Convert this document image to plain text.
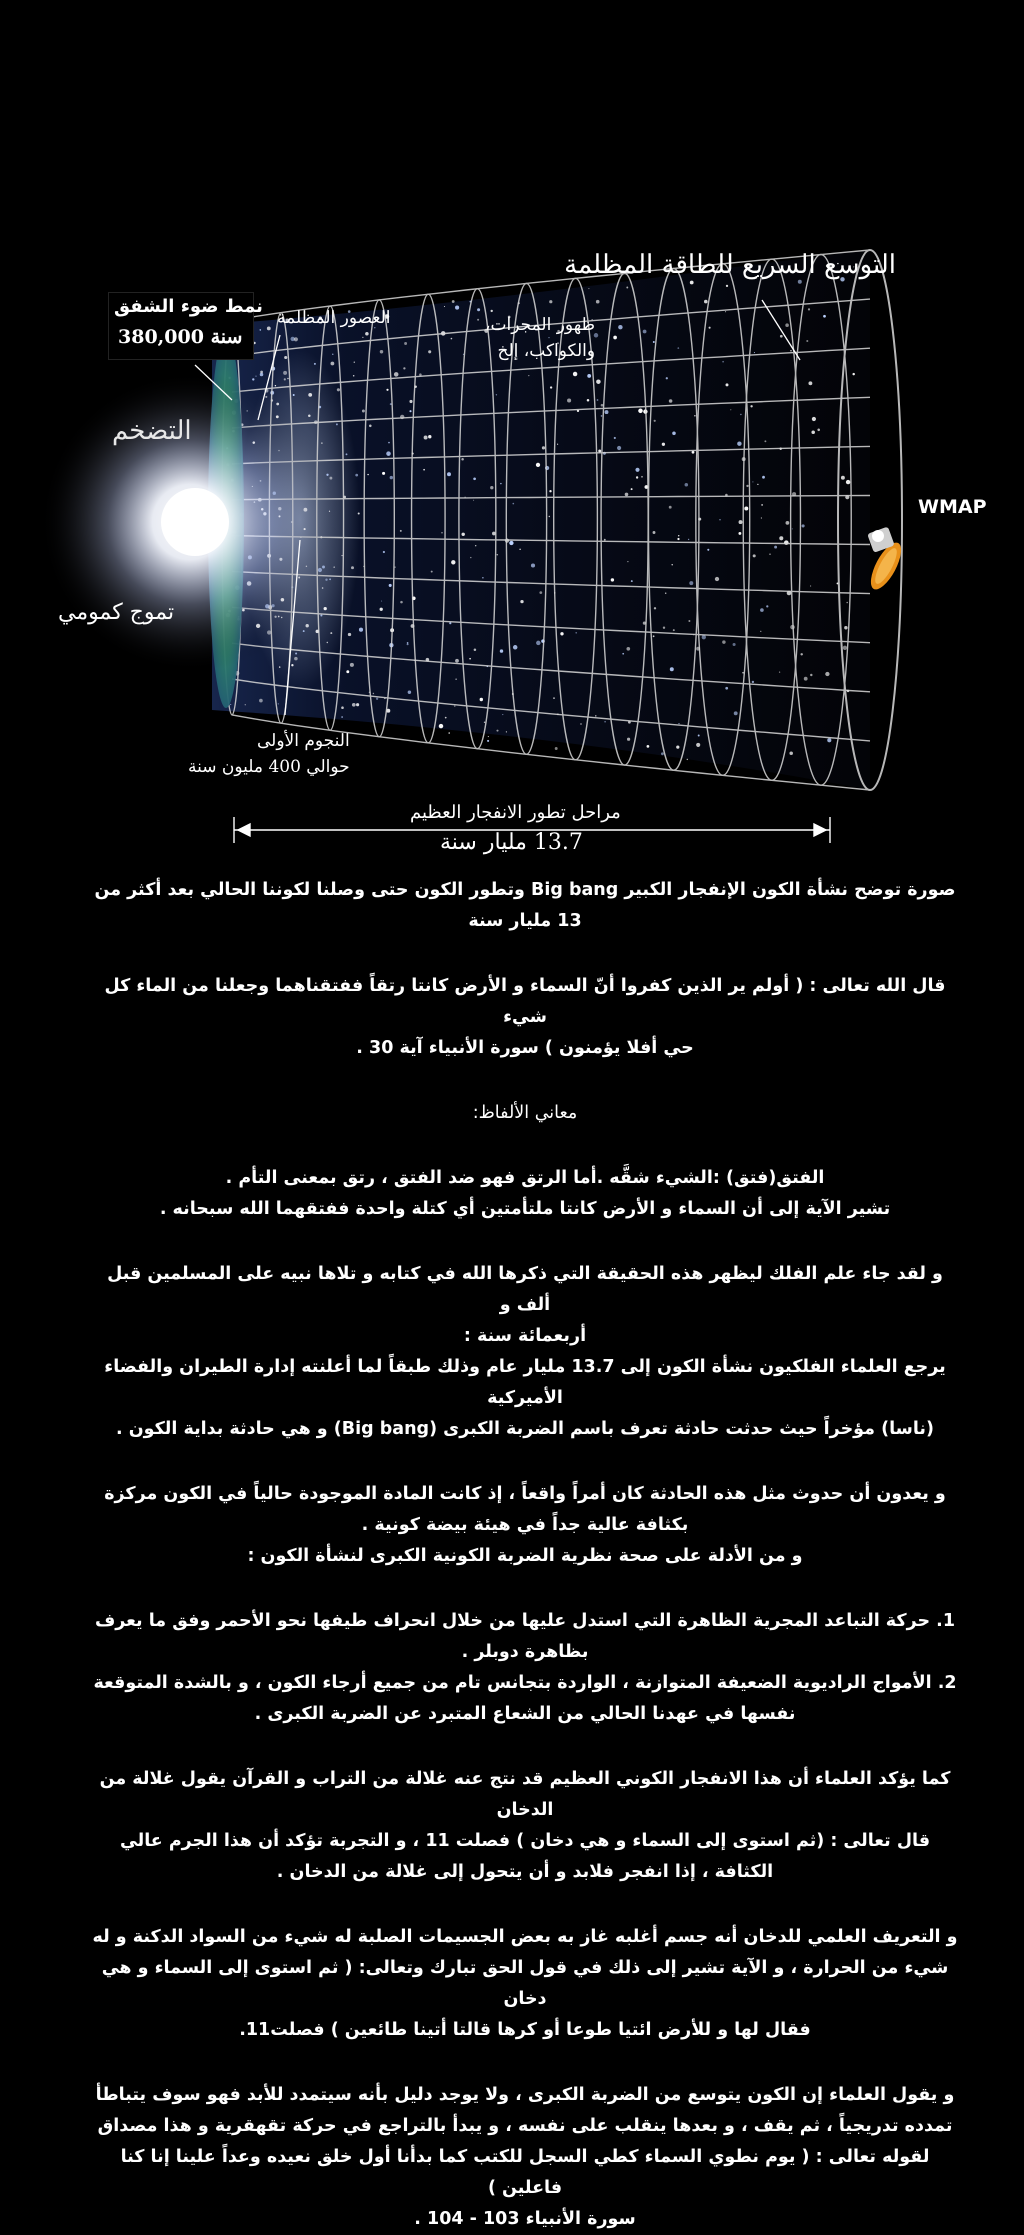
التوسع السريع للطاقة المظلمة
ظهور المجرات،
والكواكب، إلخ
العصور المظلمة
نمط ضوء الشفق
380,000 سنة
التضخم
تموج كمومي
WMAP
النجوم الأولى
حوالي 400 مليون سنة
مراحل تطور الانفجار العظيم
13.7 مليار سنة

صورة توضح نشأة الكون الإنفجار الكبير Big bang وتطور الكون حتى وصلنا لكوننا الحالي بعد أكثر من

13 مليار سنة

قال الله تعالى : ( أولم ير الذين كفروا أنّ السماء و الأرض كانتا رتقاً ففتقناهما وجعلنا من الماء كل شيء

حي أفلا يؤمنون ) سورة الأنبياء آية 30 .

معاني الألفاظ:

الفتق(فتق) :الشيء شقَّه .أما الرتق فهو ضد الفتق ، رتق بمعنى التأم .

تشير الآية إلى أن السماء و الأرض كانتا ملتأمتين أي كتلة واحدة ففتقهما الله سبحانه .

و لقد جاء علم الفلك ليظهر هذه الحقيقة التي ذكرها الله في كتابه و تلاها نبيه على المسلمين قبل ألف و

أربعمائة سنة :

يرجع العلماء الفلكيون نشأة الكون إلى 13.7 مليار عام وذلك طبقاً لما أعلنته إدارة الطيران والفضاء الأميركية

(ناسا) مؤخراً حيث حدثت حادثة تعرف باسم الضربة الكبرى (Big bang) و هي حادثة بداية الكون .

و يعدون أن حدوث مثل هذه الحادثة كان أمراً واقعاً ، إذ كانت المادة الموجودة حالياً في الكون مركزة

بكثافة عالية جداً في هيئة بيضة كونية .

و من الأدلة على صحة نظرية الضربة الكونية الكبرى لنشأة الكون :

1. حركة التباعد المجرية الظاهرة التي استدل عليها من خلال انحراف طيفها نحو الأحمر وفق ما يعرف

بظاهرة دوبلر .

2. الأمواج الراديوية الضعيفة المتوازنة ، الواردة بتجانس تام من جميع أرجاء الكون ، و بالشدة المتوقعة

نفسها في عهدنا الحالي من الشعاع المتبرد عن الضربة الكبرى .

كما يؤكد العلماء أن هذا الانفجار الكوني العظيم قد نتج عنه غلالة من التراب و القرآن يقول غلالة من الدخان

قال تعالى : (ثم استوى إلى السماء و هي دخان ) فصلت 11 ، و التجربة تؤكد أن هذا الجرم عالي

الكثافة ، إذا انفجر فلابد و أن يتحول إلى غلالة من الدخان .

و التعريف العلمي للدخان أنه جسم أغلبه غاز به بعض الجسيمات الصلبة له شيء من السواد الدكنة و له

شيء من الحرارة ، و الآية تشير إلى ذلك في قول الحق تبارك وتعالى: ( ثم استوى إلى السماء و هي دخان

فقال لها و للأرض ائتيا طوعا أو كرها قالتا أتينا طائعين ) فصلت11.

و يقول العلماء إن الكون يتوسع من الضربة الكبرى ، ولا يوجد دليل بأنه سيتمدد للأبد فهو سوف يتباطأ

تمدده تدريجياً ، ثم يقف ، و بعدها ينقلب على نفسه ، و يبدأ بالتراجع في حركة تقهقرية و هذا مصداق

لقوله تعالى : ( يوم نطوي السماء كطي السجل للكتب كما بدأنا أول خلق نعيده وعداً علينا إنا كنا فاعلين )

سورة الأنبياء 103 - 104 .
